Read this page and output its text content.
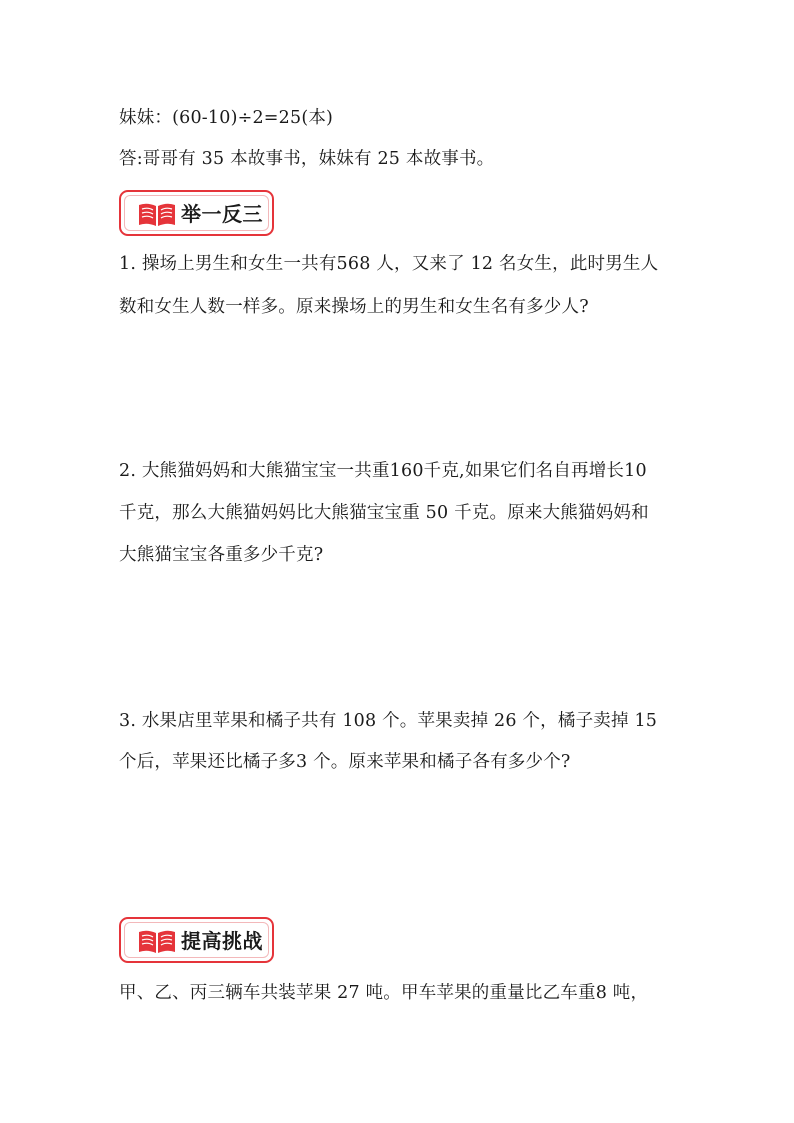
妹妹：(60-10)÷2=25(本)
答:哥哥有 35 本故事书，妹妹有 25 本故事书。
举一反三
1. 操场上男生和女生一共有568 人，又来了 12 名女生，此时男生人
数和女生人数一样多。原来操场上的男生和女生名有多少人?
2. 大熊猫妈妈和大熊猫宝宝一共重160千克,如果它们名自再增长10
千克，那么大熊猫妈妈比大熊猫宝宝重 50 千克。原来大熊猫妈妈和
大熊猫宝宝各重多少千克?
3. 水果店里苹果和橘子共有 108 个。苹果卖掉 26 个，橘子卖掉 15
个后，苹果还比橘子多3 个。原来苹果和橘子各有多少个?
提高挑战
甲、乙、丙三辆车共装苹果 27 吨。甲车苹果的重量比乙车重8 吨，
